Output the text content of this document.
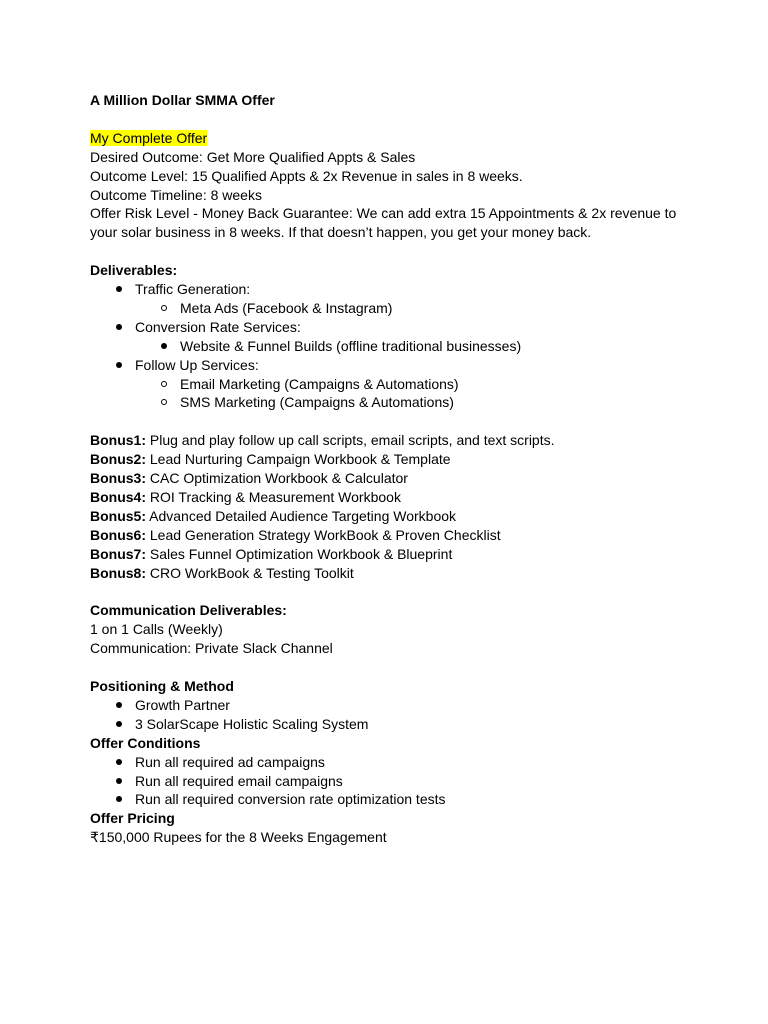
A Million Dollar SMMA Offer

My Complete Offer

Desired Outcome: Get More Qualified Appts & Sales

Outcome Level: 15 Qualified Appts & 2x Revenue in sales in 8 weeks.

Outcome Timeline: 8 weeks

Offer Risk Level - Money Back Guarantee: We can add extra 15 Appointments & 2x revenue to your solar business in 8 weeks. If that doesn’t happen, you get your money back.

Deliverables:

Traffic Generation:
Meta Ads (Facebook & Instagram)
Conversion Rate Services:
Website & Funnel Builds (offline traditional businesses)
Follow Up Services:
Email Marketing (Campaigns & Automations)
SMS Marketing (Campaigns & Automations)

Bonus1: Plug and play follow up call scripts, email scripts, and text scripts.

Bonus2: Lead Nurturing Campaign Workbook & Template

Bonus3: CAC Optimization Workbook & Calculator

Bonus4: ROI Tracking & Measurement Workbook

Bonus5: Advanced Detailed Audience Targeting Workbook

Bonus6: Lead Generation Strategy WorkBook & Proven Checklist

Bonus7: Sales Funnel Optimization Workbook & Blueprint

Bonus8: CRO WorkBook & Testing Toolkit

Communication Deliverables:

1 on 1 Calls (Weekly)

Communication: Private Slack Channel

Positioning & Method

Growth Partner
3 SolarScape Holistic Scaling System

Offer Conditions

Run all required ad campaigns
Run all required email campaigns
Run all required conversion rate optimization tests

Offer Pricing

₹150,000 Rupees for the 8 Weeks Engagement
